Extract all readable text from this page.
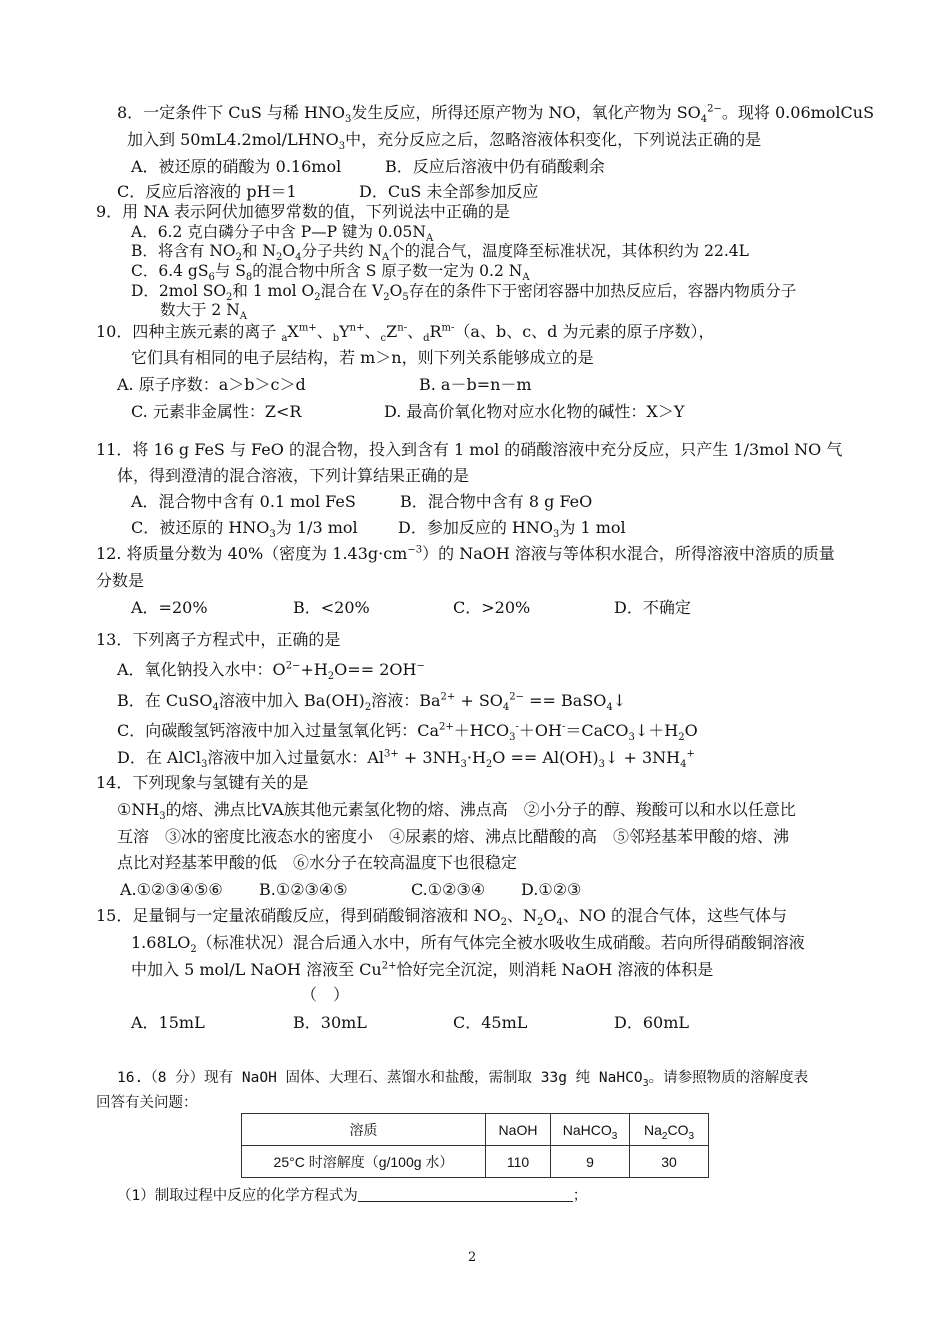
8．一定条件下 CuS 与稀 $HNO_3$发生反应，所得还原产物为 NO，氧化产物为 $SO_4^{2-}$。现将 0.06molCuS
加入到 $50mL4.2mol/LHNO_3$中，充分反应之后，忽略溶液体积变化，下列说法正确的是
A．被还原的硝酸为 0.16mol	B．反应后溶液中仍有硝酸剩余
C．反应后溶液的 pH＝1	D．CuS 未全部参加反应
9．用 NA 表示阿伏加德罗常数的值，下列说法中正确的是
A．6.2 克白磷分子中含 P—P 键为 $0.05N_A$
B．将含有 $NO_2$和 $N_2O_4$分子共约 $N_A$个的混合气，温度降至标准状况，其体积约为 22.4L
C．6.4 $gS_6$与 $S_8$的混合物中所含 S 原子数一定为 0.2 $N_A$
D．2mol $SO_2$和 1 mol $O_2$混合在 $V_2O_5$存在的条件下于密闭容器中加热反应后，容器内物质分子
数大于 2 $N_A$
10．四种主族元素的离子 $_aX^{m+}$、$_bY^{n+}$、$_cZ^{n-}$、$_dR^{m-}(a$、b、c、d 为元素的原子序数），
它们具有相同的电子层结构，若 m＞n，则下列关系能够成立的是
A. 原子序数：a＞b＞c＞d	B. a－b=n－m
C. 元素非金属性：Z<R	D. 最高价氧化物对应水化物的碱性：X＞Y
11．将 16 g FeS 与 FeO 的混合物，投入到含有 1 mol 的硝酸溶液中充分反应，只产生 1/3mol NO 气
体，得到澄清的混合溶液，下列计算结果正确的是
A．混合物中含有 0.1 mol FeS	B．混合物中含有 8 g FeO
C．被还原的 $HNO_3$为 1/3 mol	D．参加反应的 $HNO_3$为 1 mol
12. 将质量分数为 40%（密度为 $1.43g\cdot cm^{-3}$）的 NaOH 溶液与等体积水混合，所得溶液中溶质的质量
分数是
A．=20%	B．<20%	C．>20%	D．不确定
13．下列离子方程式中，正确的是
A．氧化钠投入水中：$O^{2-}+H_2O== 2OH^-$
B．在 CuSO$_4$溶液中加入 $Ba(OH)_2$溶液：$Ba^{2+} + SO_4^{2-}$ == BaSO$_4$↓
C．向碳酸氢钙溶液中加入过量氢氧化钙：$Ca^{2+}+HCO_3^-+OH^-=CaCO_3↓+H_2O$
D．在 AlCl$_3$溶液中加入过量氨水：$Al^{3+} + 3NH_3\cdot H_2O$ == $Al(OH)_3↓ + 3NH_4^+$
14．下列现象与氢键有关的是
$①NH_3$的熔、沸点比VA族其他元素氢化物的熔、沸点高　②小分子的醇、羧酸可以和水以任意比
互溶　③冰的密度比液态水的密度小　④尿素的熔、沸点比醋酸的高　⑤邻羟基苯甲酸的熔、沸
点比对羟基苯甲酸的低　⑥水分子在较高温度下也很稳定
A.①②③④⑤⑥ B.①②③④⑤	C.①②③④ D.①②③
15．足量铜与一定量浓硝酸反应，得到硝酸铜溶液和 $NO_2$、$N_2O_4$、NO 的混合气体，这些气体与
$1.68LO_2$（标准状况）混合后通入水中，所有气体完全被水吸收生成硝酸。若向所得硝酸铜溶液
中加入 5 mol/L NaOH 溶液至 $Cu^{2+}$恰好完全沉淀，则消耗 NaOH 溶液的体积是
（　）
A．15mL	B．30mL	C．45mL	D．60mL
16.（8 分）现有 NaOH 固体、大理石、蒸馏水和盐酸，需制取 33g 纯 NaHCO$_3$。请参照物质的溶解度表
回答有关问题：
溶质	NaOH	NaHCO$_3$	$Na_2CO_3$
25°C 时溶解度（g/100g 水）	110	9	30
（1）制取过程中反应的化学方程式为	；
2
